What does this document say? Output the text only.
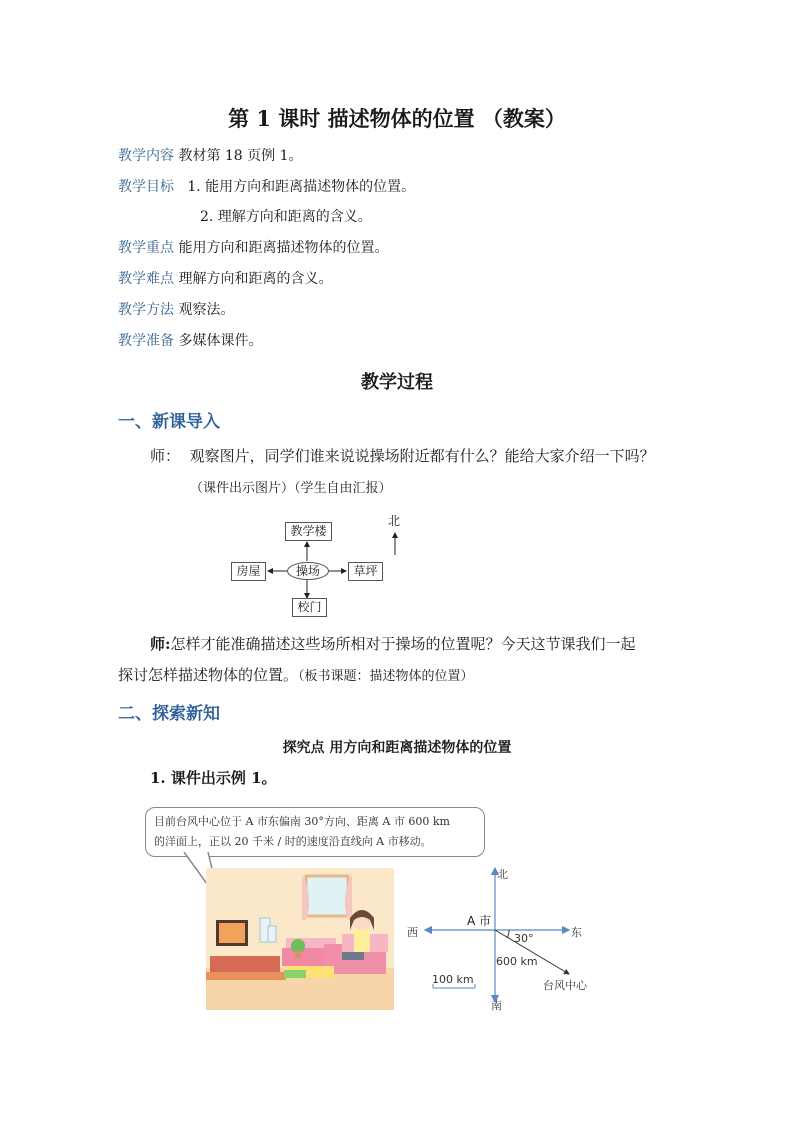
第 1 课时 描述物体的位置 （教案）
教学内容 教材第 18 页例 1。
教学目标 1. 能用方向和距离描述物体的位置。
2. 理解方向和距离的含义。
教学重点 能用方向和距离描述物体的位置。
教学难点 理解方向和距离的含义。
教学方法 观察法。
教学准备 多媒体课件。
教学过程
一、新课导入
师： 观察图片，同学们谁来说说操场附近都有什么？能给大家介绍一下吗？
（课件出示图片）（学生自由汇报）
教学楼
操场
房屋	草坪
校门
北
师:怎样才能准确描述这些场所相对于操场的位置呢？今天这节课我们一起
探讨怎样描述物体的位置。（板书课题：描述物体的位置）
二、探索新知
探究点 用方向和距离描述物体的位置
1. 课件出示例 1。
目前台风中心位于 A 市东偏南 30°方向、距离 A 市 600 km
的洋面上，正以 20 千米 / 时的速度沿直线向 A 市移动。
北
南
东
西
A 市
30°
600 km
100 km	台风中心
